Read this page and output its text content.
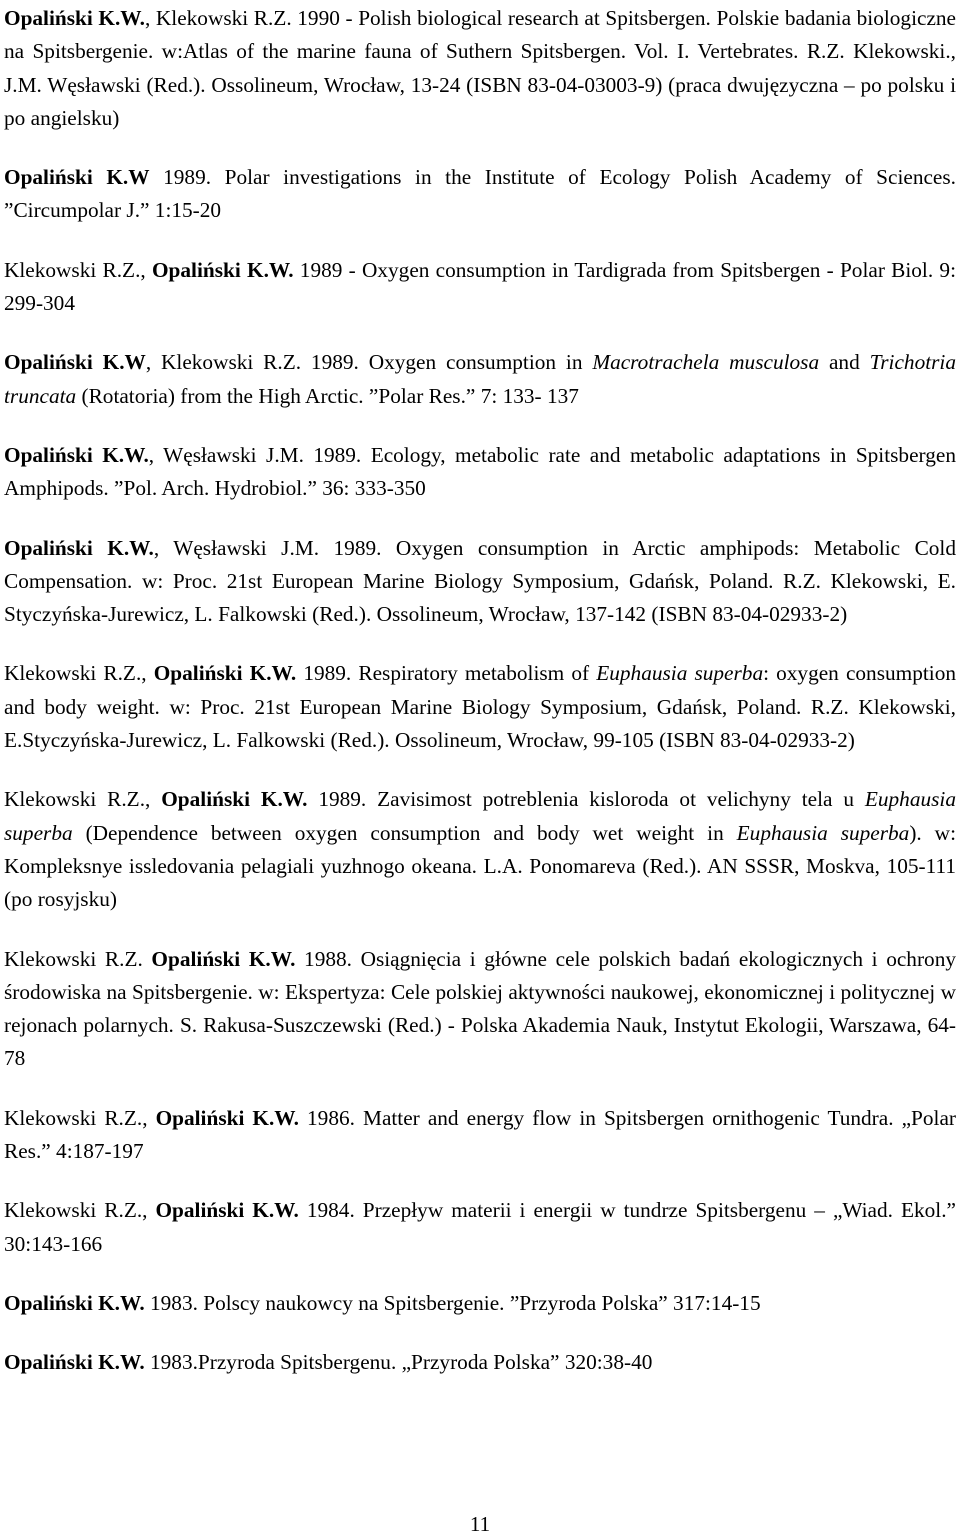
Opaliński K.W., Klekowski R.Z. 1990 - Polish biological research at Spitsbergen. Polskie badania biologiczne na Spitsbergenie. w:Atlas of the marine fauna of Suthern Spitsbergen. Vol. I. Vertebrates. R.Z. Klekowski., J.M. Węsławski (Red.). Ossolineum, Wrocław, 13-24 (ISBN 83-04-03003-9) (praca dwujęzyczna – po polsku i po angielsku)

Opaliński K.W 1989. Polar investigations in the Institute of Ecology Polish Academy of Sciences. ”Circumpolar J.” 1:15-20

Klekowski R.Z., Opaliński K.W. 1989 - Oxygen consumption in Tardigrada from Spitsbergen - Polar Biol. 9: 299-304

Opaliński K.W, Klekowski R.Z. 1989. Oxygen consumption in Macrotrachela musculosa and Trichotria truncata (Rotatoria) from the High Arctic. ”Polar Res.” 7: 133- 137

Opaliński K.W., Węsławski J.M. 1989. Ecology, metabolic rate and metabolic adaptations in Spitsbergen Amphipods. ”Pol. Arch. Hydrobiol.” 36: 333-350

Opaliński K.W., Węsławski J.M. 1989. Oxygen consumption in Arctic amphipods: Metabolic Cold Compensation. w: Proc. 21st European Marine Biology Symposium, Gdańsk, Poland. R.Z. Klekowski, E. Styczyńska-Jurewicz, L. Falkowski (Red.). Ossolineum, Wrocław, 137-142 (ISBN 83-04-02933-2)

Klekowski R.Z., Opaliński K.W. 1989. Respiratory metabolism of Euphausia superba: oxygen consumption and body weight. w: Proc. 21st European Marine Biology Symposium, Gdańsk, Poland. R.Z. Klekowski, E.Styczyńska-Jurewicz, L. Falkowski (Red.). Ossolineum, Wrocław, 99-105 (ISBN 83-04-02933-2)

Klekowski R.Z., Opaliński K.W. 1989. Zavisimost potreblenia kisloroda ot velichyny tela u Euphausia superba (Dependence between oxygen consumption and body wet weight in Euphausia superba). w: Kompleksnye issledovania pelagiali yuzhnogo okeana. L.A. Ponomareva (Red.). AN SSSR, Moskva, 105-111 (po rosyjsku)

Klekowski R.Z. Opaliński K.W. 1988. Osiągnięcia i główne cele polskich badań ekologicznych i ochrony środowiska na Spitsbergenie. w: Ekspertyza: Cele polskiej aktywności naukowej, ekonomicznej i politycznej w rejonach polarnych. S. Rakusa-Suszczewski (Red.) - Polska Akademia Nauk, Instytut Ekologii, Warszawa, 64-78

Klekowski R.Z., Opaliński K.W. 1986. Matter and energy flow in Spitsbergen ornithogenic Tundra. „Polar Res.” 4:187-197

Klekowski R.Z., Opaliński K.W. 1984. Przepływ materii i energii w tundrze Spitsbergenu – „Wiad. Ekol.” 30:143-166

Opaliński K.W. 1983. Polscy naukowcy na Spitsbergenie. ”Przyroda Polska” 317:14-15

Opaliński K.W. 1983.Przyroda Spitsbergenu. „Przyroda Polska” 320:38-40

11
